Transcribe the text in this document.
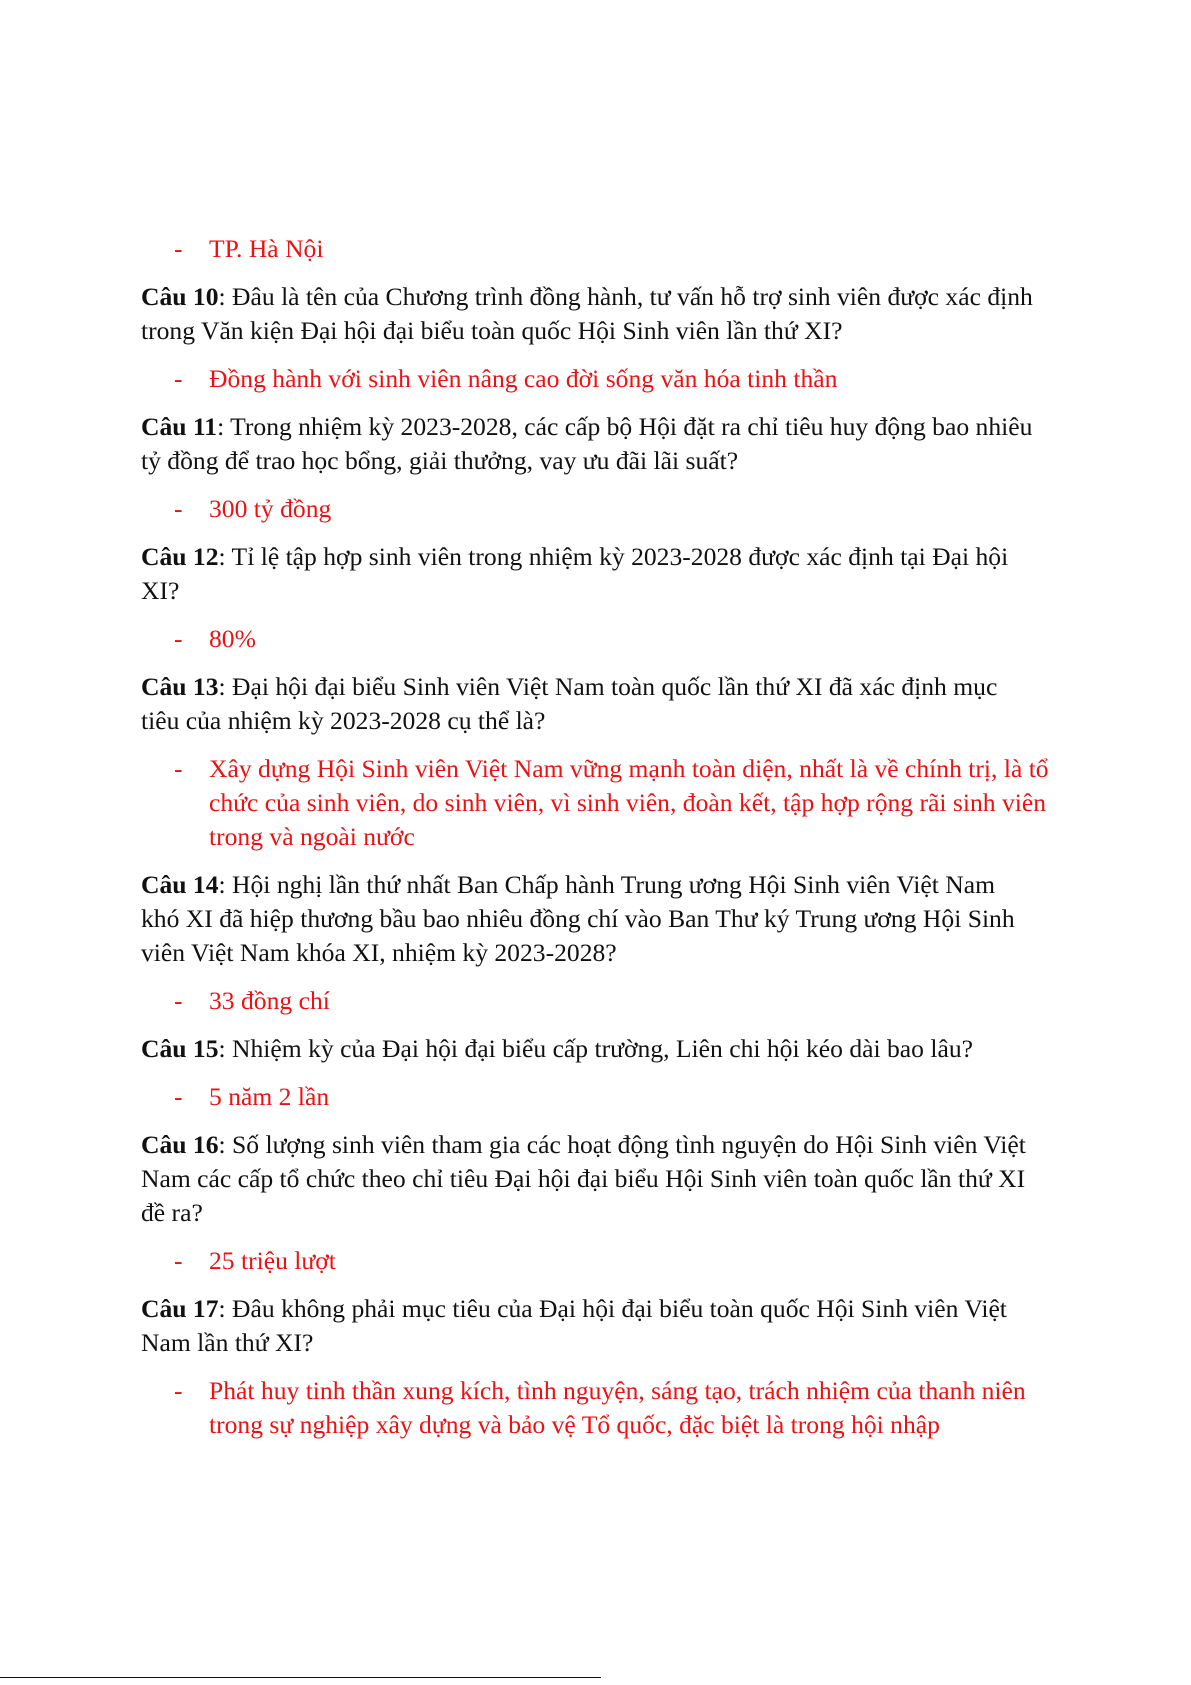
-	TP. Hà Nội

Câu 10: Đâu là tên của Chương trình đồng hành, tư vấn hỗ trợ sinh viên được xác định trong Văn kiện Đại hội đại biểu toàn quốc Hội Sinh viên lần thứ XI?

-	Đồng hành với sinh viên nâng cao đời sống văn hóa tinh thần

Câu 11: Trong nhiệm kỳ 2023-2028, các cấp bộ Hội đặt ra chỉ tiêu huy động bao nhiêu tỷ đồng để trao học bổng, giải thưởng, vay ưu đãi lãi suất?

-	300 tỷ đồng

Câu 12: Tỉ lệ tập hợp sinh viên trong nhiệm kỳ 2023-2028 được xác định tại Đại hội XI?

-	80%

Câu 13: Đại hội đại biểu Sinh viên Việt Nam toàn quốc lần thứ XI đã xác định mục tiêu của nhiệm kỳ 2023-2028 cụ thể là?

-	Xây dựng Hội Sinh viên Việt Nam vững mạnh toàn diện, nhất là về chính trị, là tổ chức của sinh viên, do sinh viên, vì sinh viên, đoàn kết, tập hợp rộng rãi sinh viên trong và ngoài nước

Câu 14: Hội nghị lần thứ nhất Ban Chấp hành Trung ương Hội Sinh viên Việt Nam khó XI đã hiệp thương bầu bao nhiêu đồng chí vào Ban Thư ký Trung ương Hội Sinh viên Việt Nam khóa XI, nhiệm kỳ 2023-2028?

-	33 đồng chí

Câu 15: Nhiệm kỳ của Đại hội đại biểu cấp trường, Liên chi hội kéo dài bao lâu?

-	5 năm 2 lần

Câu 16: Số lượng sinh viên tham gia các hoạt động tình nguyện do Hội Sinh viên Việt Nam các cấp tổ chức theo chỉ tiêu Đại hội đại biểu Hội Sinh viên toàn quốc lần thứ XI đề ra?

-	25 triệu lượt

Câu 17: Đâu không phải mục tiêu của Đại hội đại biểu toàn quốc Hội Sinh viên Việt Nam lần thứ XI?

-	Phát huy tinh thần xung kích, tình nguyện, sáng tạo, trách nhiệm của thanh niên trong sự nghiệp xây dựng và bảo vệ Tổ quốc, đặc biệt là trong hội nhập
